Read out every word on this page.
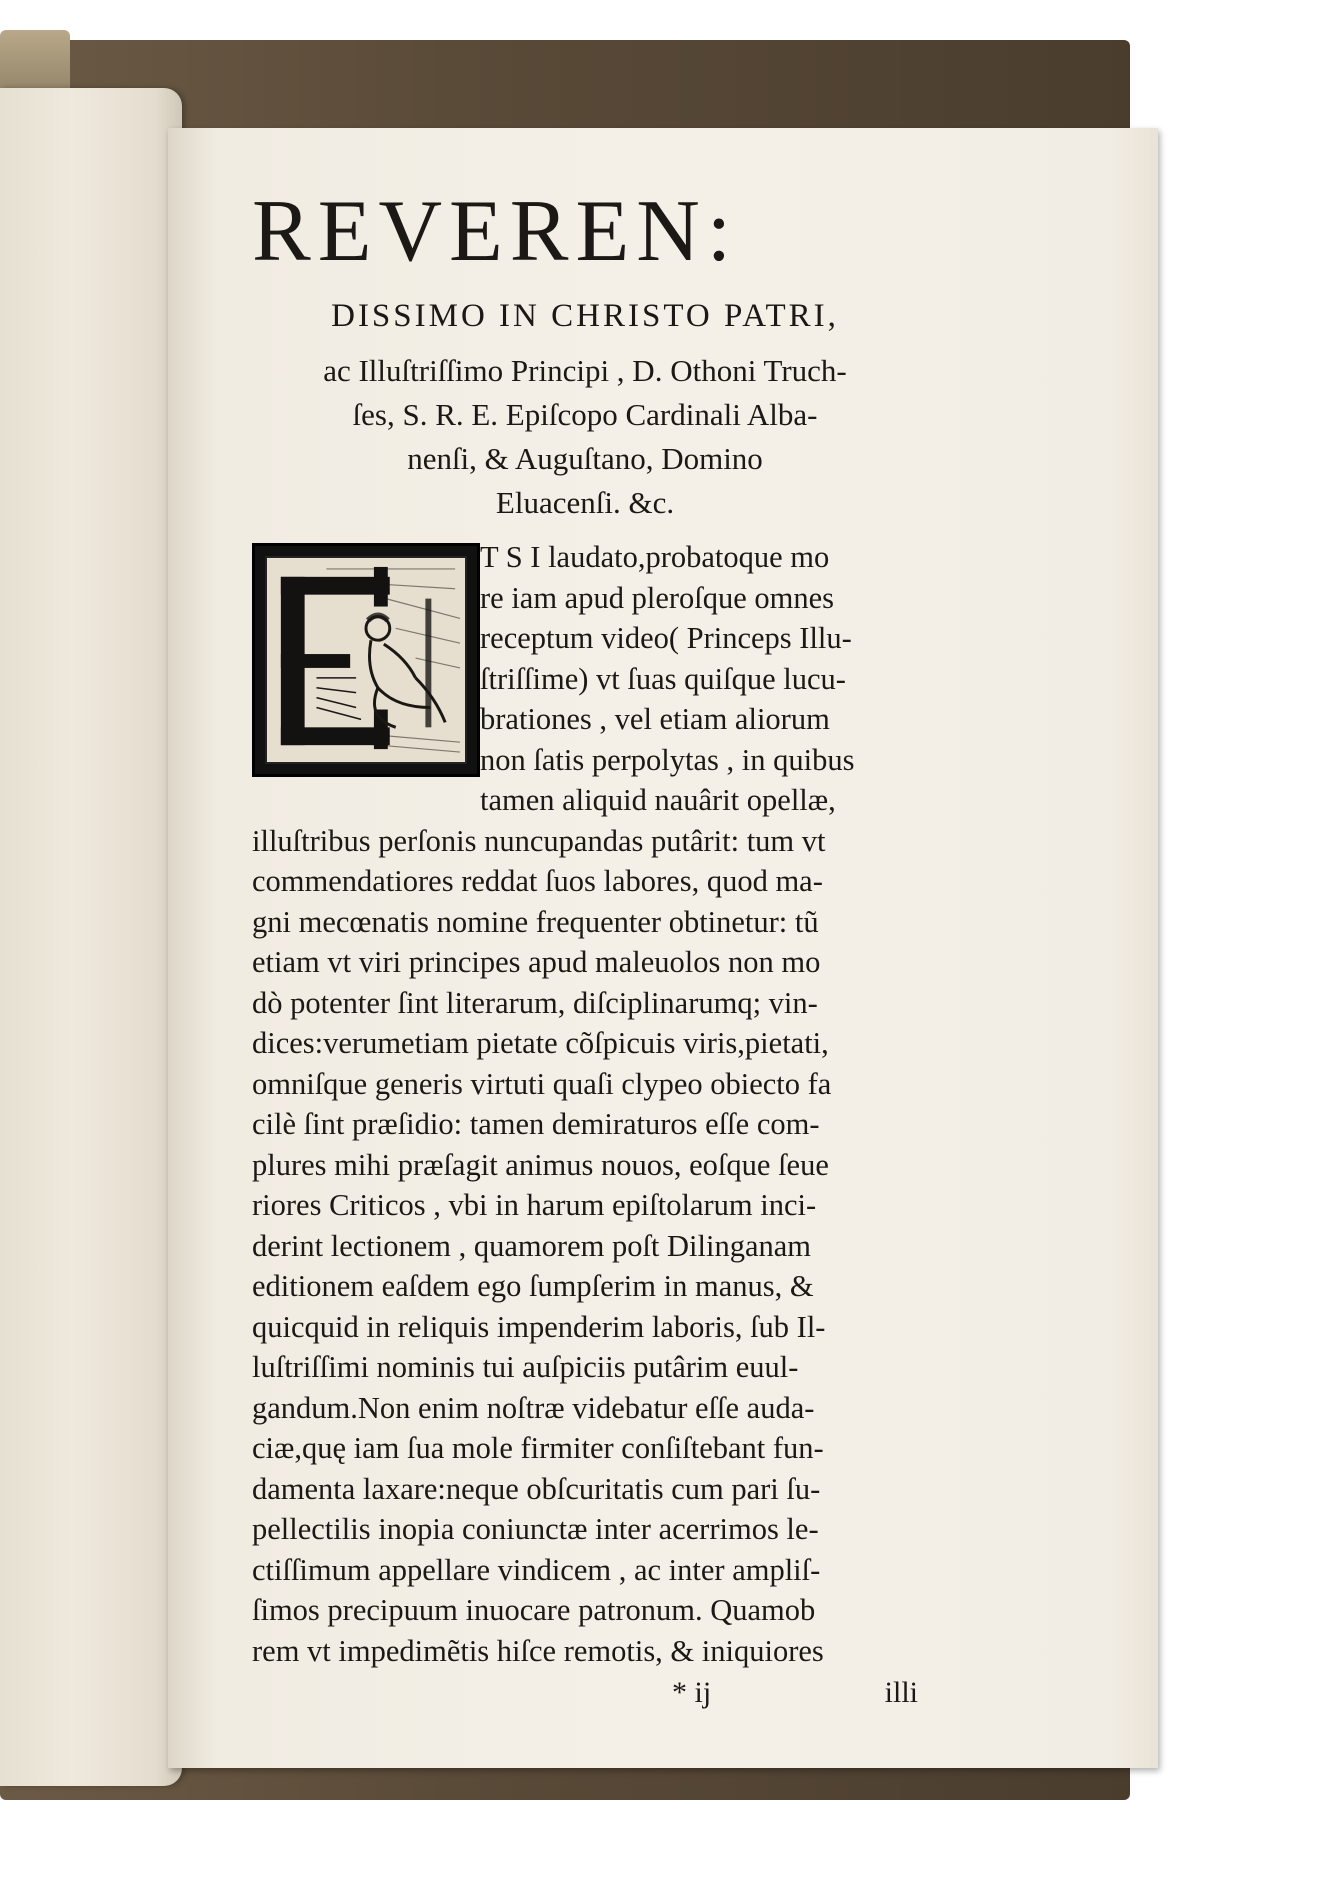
REVEREN:
DISSIMO IN CHRISTO PATRI,
ac Illuſtriſſimo Principi , D. Othoni Truch-
ſes, S. R. E. Epiſcopo Cardinali Alba-
nenſi, & Auguſtano, Domino
Eluacenſi. &c.
T S I laudato,probatoque mo
re iam apud pleroſque omnes
receptum video( Princeps Illu-
ſtriſſime) vt ſuas quiſque lucu-
brationes , vel etiam aliorum
non ſatis perpolytas , in quibus
tamen aliquid nauârit opellæ,
illuſtribus perſonis nuncupandas putârit: tum vt
commendatiores reddat ſuos labores, quod ma-
gni mecœnatis nomine frequenter obtinetur: tũ
etiam vt viri principes apud maleuolos non mo
dò potenter ſint literarum, diſciplinarumq; vin-
dices:verumetiam pietate cõſpicuis viris,pietati,
omniſque generis virtuti quaſi clypeo obiecto fa
cilè ſint præſidio: tamen demiraturos eſſe com-
plures mihi præſagit animus nouos, eoſque ſeue
riores Criticos , vbi in harum epiſtolarum inci-
derint lectionem , quamorem poſt Dilinganam
editionem eaſdem ego ſumpſerim in manus, &
quicquid in reliquis impenderim laboris, ſub Il-
luſtriſſimi nominis tui auſpiciis putârim euul-
gandum.Non enim noſtræ videbatur eſſe auda-
ciæ,quę iam ſua mole firmiter conſiſtebant fun-
damenta laxare:neque obſcuritatis cum pari ſu-
pellectilis inopia coniunctæ inter acerrimos le-
ctiſſimum appellare vindicem , ac inter ampliſ-
ſimos precipuum inuocare patronum. Quamob
rem vt impedimẽtis hiſce remotis, & iniquiores
* ij	illi
